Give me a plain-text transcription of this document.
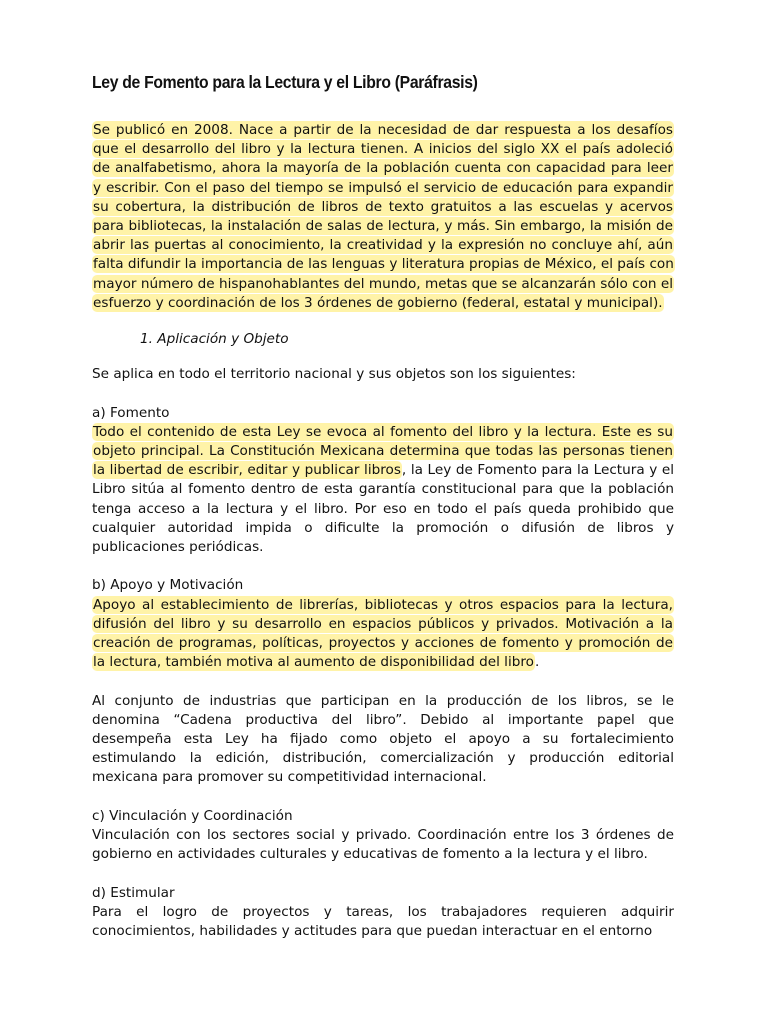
Ley de Fomento para la Lectura y el Libro (Paráfrasis)

Se publicó en 2008. Nace a partir de la necesidad de dar respuesta a los desafíos que el desarrollo del libro y la lectura tienen. A inicios del siglo XX el país adoleció de analfabetismo, ahora la mayoría de la población cuenta con capacidad para leer y escribir. Con el paso del tiempo se impulsó el servicio de educación para expandir su cobertura, la distribución de libros de texto gratuitos a las escuelas y acervos para bibliotecas, la instalación de salas de lectura, y más. Sin embargo, la misión de abrir las puertas al conocimiento, la creatividad y la expresión no concluye ahí, aún falta difundir la importancia de las lenguas y literatura propias de México, el país con mayor número de hispanohablantes del mundo, metas que se alcanzarán sólo con el esfuerzo y coordinación de los 3 órdenes de gobierno (federal, estatal y municipal).

1. Aplicación y Objeto

Se aplica en todo el territorio nacional y sus objetos son los siguientes:

a) Fomento

Todo el contenido de esta Ley se evoca al fomento del libro y la lectura. Este es su objeto principal. La Constitución Mexicana determina que todas las personas tienen la libertad de escribir, editar y publicar libros, la Ley de Fomento para la Lectura y el Libro sitúa al fomento dentro de esta garantía constitucional para que la población tenga acceso a la lectura y el libro. Por eso en todo el país queda prohibido que cualquier autoridad impida o dificulte la promoción o difusión de libros y publicaciones periódicas.

b) Apoyo y Motivación

Apoyo al establecimiento de librerías, bibliotecas y otros espacios para la lectura, difusión del libro y su desarrollo en espacios públicos y privados. Motivación a la creación de programas, políticas, proyectos y acciones de fomento y promoción de la lectura, también motiva al aumento de disponibilidad del libro.

Al conjunto de industrias que participan en la producción de los libros, se le denomina “Cadena productiva del libro”. Debido al importante papel que desempeña esta Ley ha fijado como objeto el apoyo a su fortalecimiento estimulando la edición, distribución, comercialización y producción editorial mexicana para promover su competitividad internacional.

c) Vinculación y Coordinación

Vinculación con los sectores social y privado. Coordinación entre los 3 órdenes de gobierno en actividades culturales y educativas de fomento a la lectura y el libro.

d) Estimular

Para el logro de proyectos y tareas, los trabajadores requieren adquirir conocimientos, habilidades y actitudes para que puedan interactuar en el entorno
